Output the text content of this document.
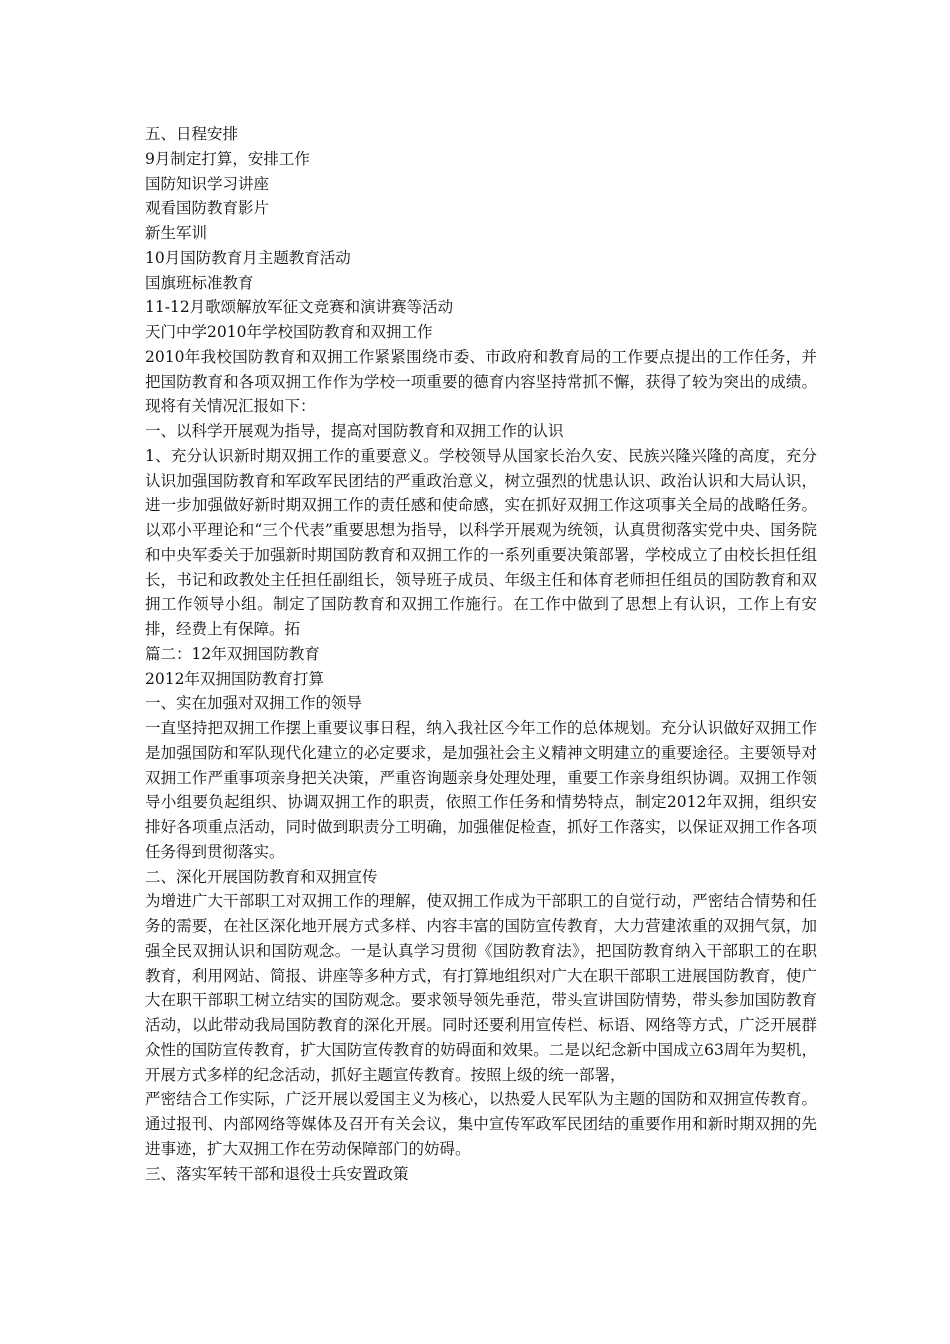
五、日程安排
9月制定打算，安排工作
国防知识学习讲座
观看国防教育影片
新生军训
10月国防教育月主题教育活动
国旗班标准教育
11-12月歌颂解放军征文竞赛和演讲赛等活动
天门中学2010年学校国防教育和双拥工作

2010年我校国防教育和双拥工作紧紧围绕市委、市政府和教育局的工作要点提出的工作任务，并把国防教育和各项双拥工作作为学校一项重要的德育内容坚持常抓不懈，获得了较为突出的成绩。现将有关情况汇报如下：

一、以科学开展观为指导，提高对国防教育和双拥工作的认识

1、充分认识新时期双拥工作的重要意义。学校领导从国家长治久安、民族兴隆兴隆的高度，充分认识加强国防教育和军政军民团结的严重政治意义，树立强烈的忧患认识、政治认识和大局认识，进一步加强做好新时期双拥工作的责任感和使命感，实在抓好双拥工作这项事关全局的战略任务。以邓小平理论和“三个代表”重要思想为指导，以科学开展观为统领，认真贯彻落实党中央、国务院和中央军委关于加强新时期国防教育和双拥工作的一系列重要决策部署，学校成立了由校长担任组长，书记和政教处主任担任副组长，领导班子成员、年级主任和体育老师担任组员的国防教育和双拥工作领导小组。制定了国防教育和双拥工作施行。在工作中做到了思想上有认识，工作上有安排，经费上有保障。拓

篇二：12年双拥国防教育
2012年双拥国防教育打算
一、实在加强对双拥工作的领导

一直坚持把双拥工作摆上重要议事日程，纳入我社区今年工作的总体规划。充分认识做好双拥工作是加强国防和军队现代化建立的必定要求，是加强社会主义精神文明建立的重要途径。主要领导对双拥工作严重事项亲身把关决策，严重咨询题亲身处理处理，重要工作亲身组织协调。双拥工作领导小组要负起组织、协调双拥工作的职责，依照工作任务和情势特点，制定2012年双拥，组织安排好各项重点活动，同时做到职责分工明确，加强催促检查，抓好工作落实，以保证双拥工作各项任务得到贯彻落实。

二、深化开展国防教育和双拥宣传

为增进广大干部职工对双拥工作的理解，使双拥工作成为干部职工的自觉行动，严密结合情势和任务的需要，在社区深化地开展方式多样、内容丰富的国防宣传教育，大力营建浓重的双拥气氛，加强全民双拥认识和国防观念。一是认真学习贯彻《国防教育法》，把国防教育纳入干部职工的在职教育，利用网站、简报、讲座等多种方式，有打算地组织对广大在职干部职工进展国防教育，使广大在职干部职工树立结实的国防观念。要求领导领先垂范，带头宣讲国防情势，带头参加国防教育活动，以此带动我局国防教育的深化开展。同时还要利用宣传栏、标语、网络等方式，广泛开展群众性的国防宣传教育，扩大国防宣传教育的妨碍面和效果。二是以纪念新中国成立63周年为契机，开展方式多样的纪念活动，抓好主题宣传教育。按照上级的统一部署，

严密结合工作实际，广泛开展以爱国主义为核心，以热爱人民军队为主题的国防和双拥宣传教育。通过报刊、内部网络等媒体及召开有关会议，集中宣传军政军民团结的重要作用和新时期双拥的先进事迹，扩大双拥工作在劳动保障部门的妨碍。

三、落实军转干部和退役士兵安置政策
